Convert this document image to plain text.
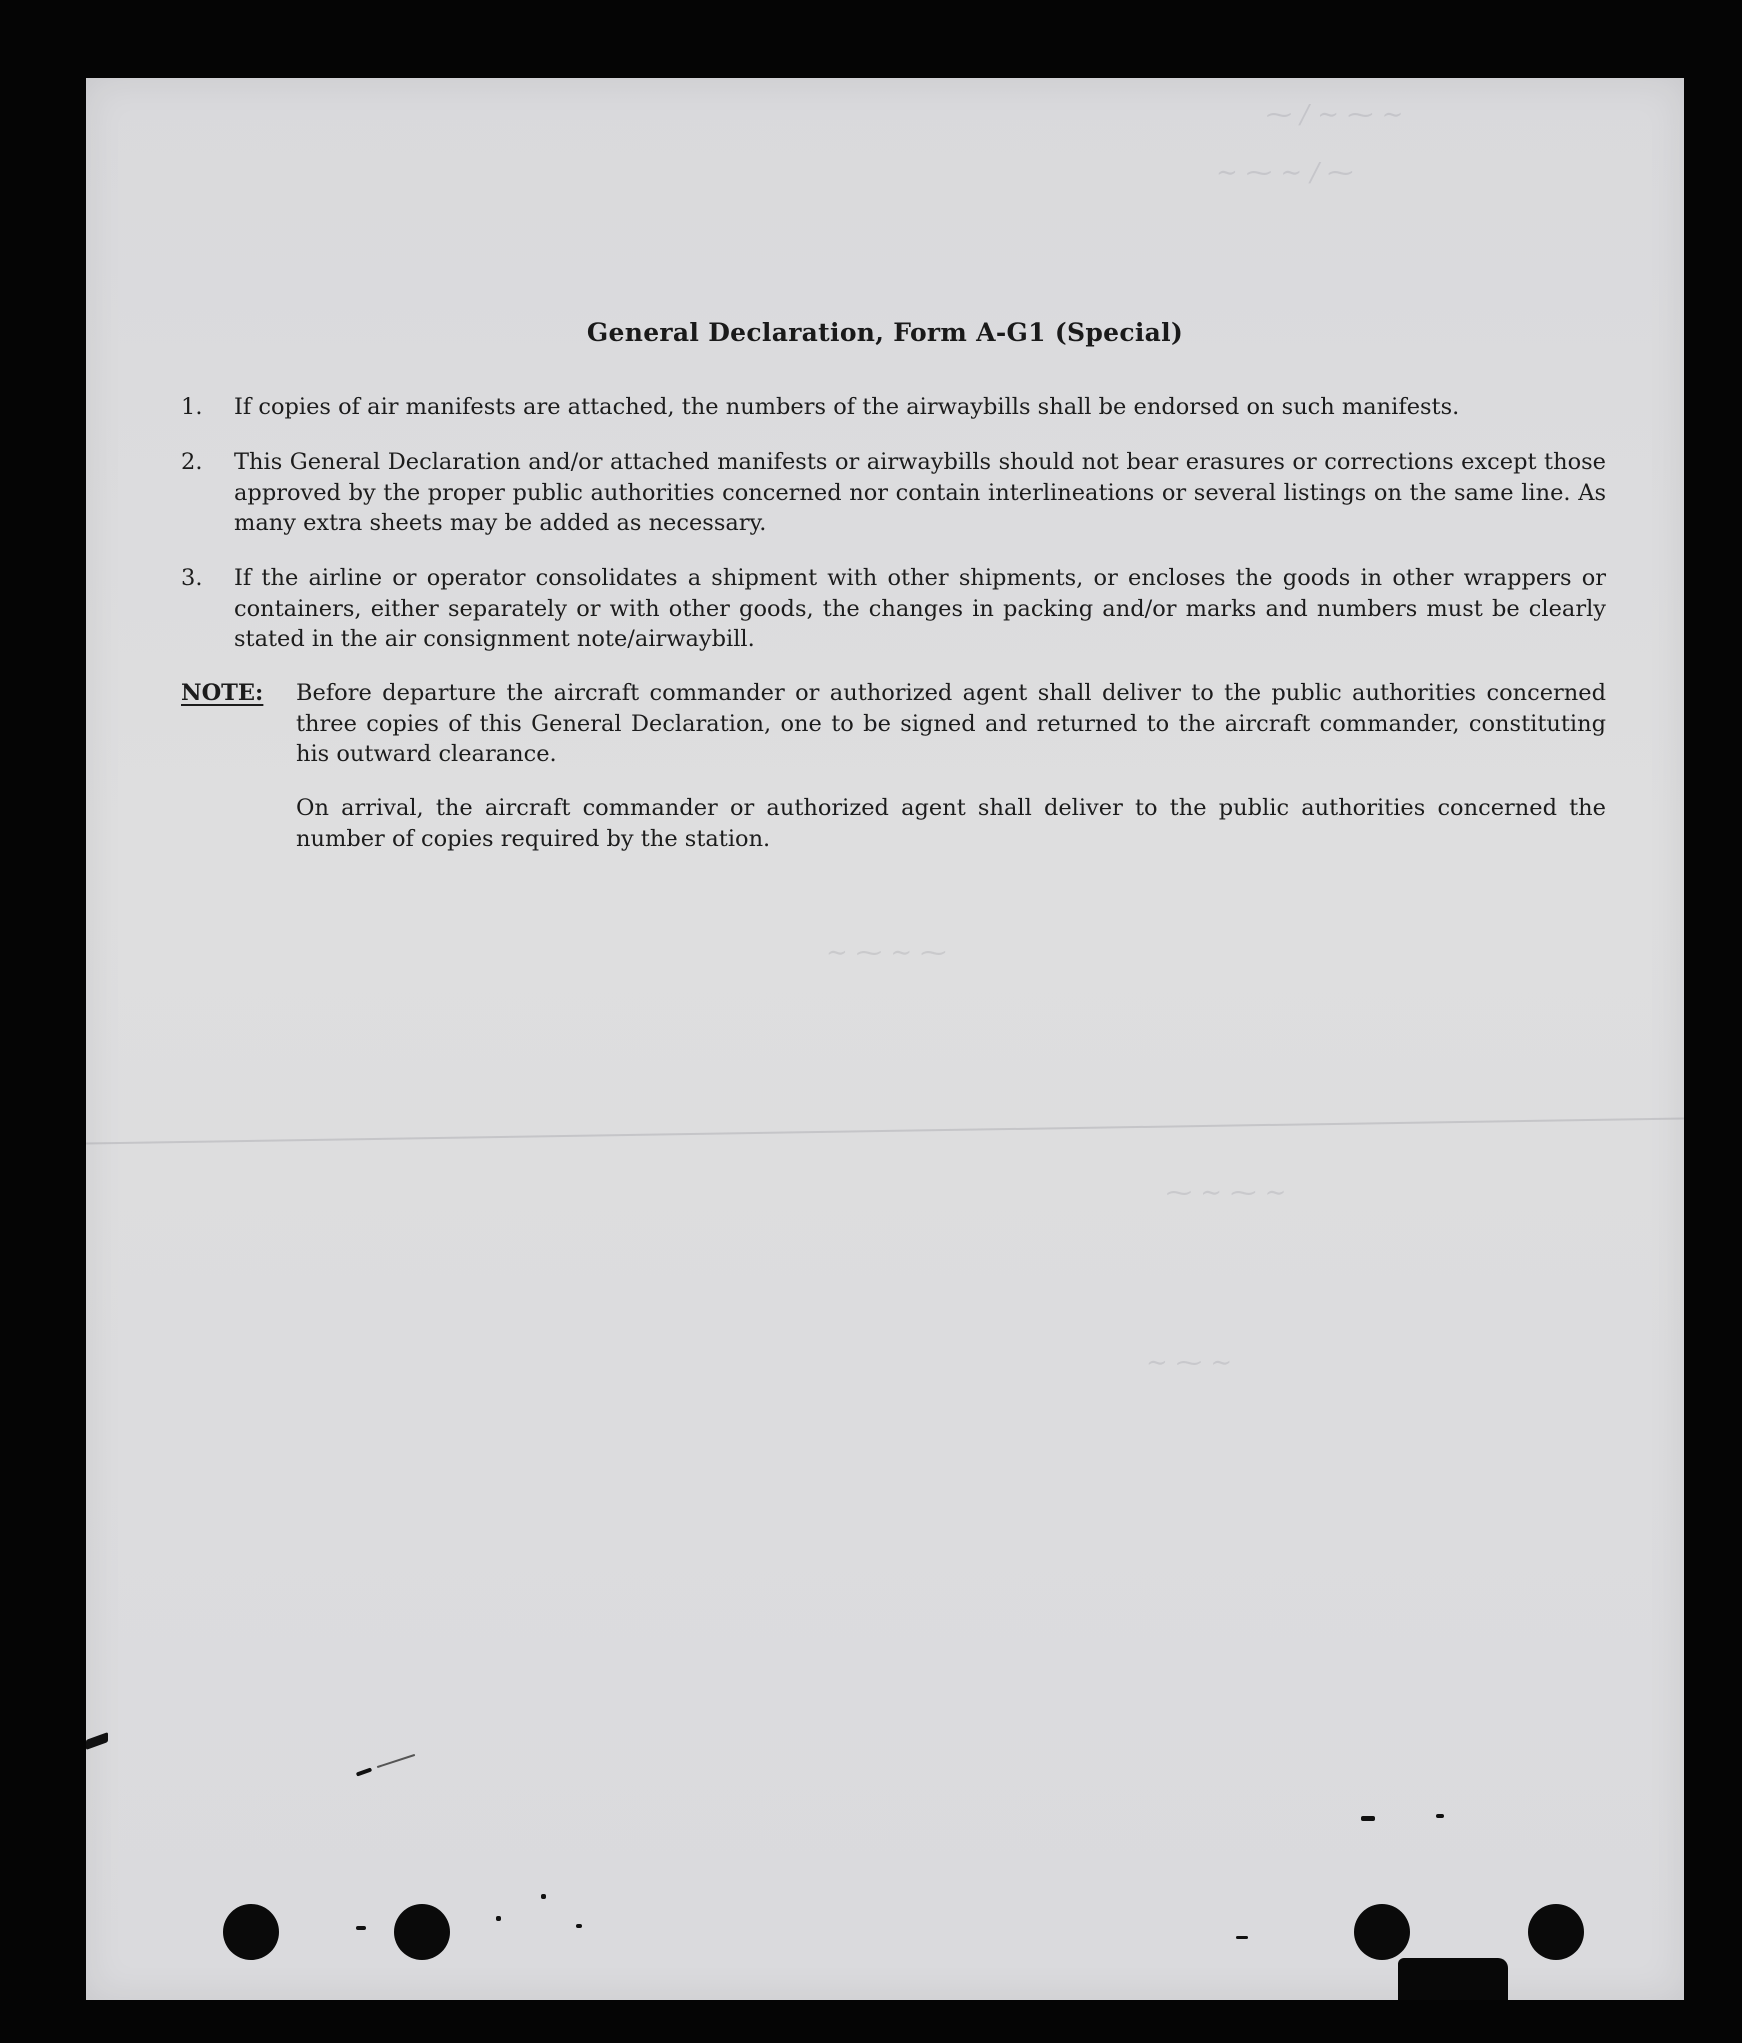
⁓ ∕ ∼ ⁓ ∼
∼ ⁓ ∼ ∕ ⁓
∼ ⁓ ∼ ⁓
⁓ ∼ ⁓ ∼
∼ ⁓ ∼
General Declaration, Form A-G1 (Special)
1.	If copies of air manifests are attached, the numbers of the airwaybills shall be endorsed on such manifests.
2.	This General Declaration and/or attached manifests or airwaybills should not bear erasures or corrections except those approved by the proper public authorities concerned nor contain interlineations or several listings on the same line. As many extra sheets may be added as necessary.
3.	If the airline or operator consolidates a shipment with other shipments, or encloses the goods in other wrappers or containers, either separately or with other goods, the changes in packing and/or marks and numbers must be clearly stated in the air consignment note/airwaybill.
NOTE:	Before departure the aircraft commander or authorized agent shall deliver to the public authorities concerned three copies of this General Declaration, one to be signed and returned to the aircraft commander, constituting his outward clearance.
On arrival, the aircraft commander or authorized agent shall deliver to the public authorities concerned the number of copies required by the station.
